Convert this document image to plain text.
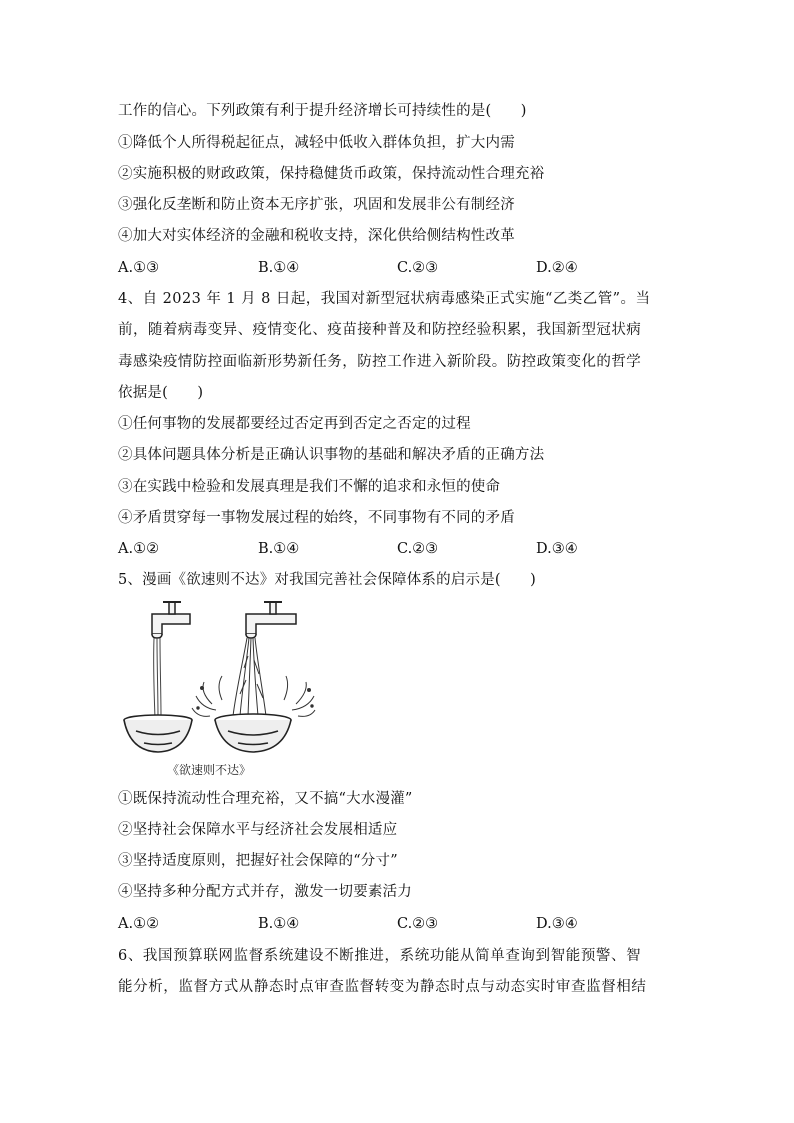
工作的信心。下列政策有利于提升经济增长可持续性的是(　　)
①降低个人所得税起征点，减轻中低收入群体负担，扩大内需
②实施积极的财政政策，保持稳健货币政策，保持流动性合理充裕
③强化反垄断和防止资本无序扩张，巩固和发展非公有制经济
④加大对实体经济的金融和税收支持，深化供给侧结构性改革
A.①③	B.①④	C.②③	D.②④
4、自 2023 年 1 月 8 日起，我国对新型冠状病毒感染正式实施“乙类乙管”。当
前，随着病毒变异、疫情变化、疫苗接种普及和防控经验积累，我国新型冠状病
毒感染疫情防控面临新形势新任务，防控工作进入新阶段。防控政策变化的哲学
依据是(　　)
①任何事物的发展都要经过否定再到否定之否定的过程
②具体问题具体分析是正确认识事物的基础和解决矛盾的正确方法
③在实践中检验和发展真理是我们不懈的追求和永恒的使命
④矛盾贯穿每一事物发展过程的始终，不同事物有不同的矛盾
A.①②	B.①④	C.②③	D.③④
5、漫画《欲速则不达》对我国完善社会保障体系的启示是(　　)
《欲速则不达》
①既保持流动性合理充裕，又不搞“大水漫灌”
②坚持社会保障水平与经济社会发展相适应
③坚持适度原则，把握好社会保障的“分寸”
④坚持多种分配方式并存，激发一切要素活力
A.①②	B.①④	C.②③	D.③④
6、我国预算联网监督系统建设不断推进，系统功能从简单查询到智能预警、智
能分析，监督方式从静态时点审查监督转变为静态时点与动态实时审查监督相结
